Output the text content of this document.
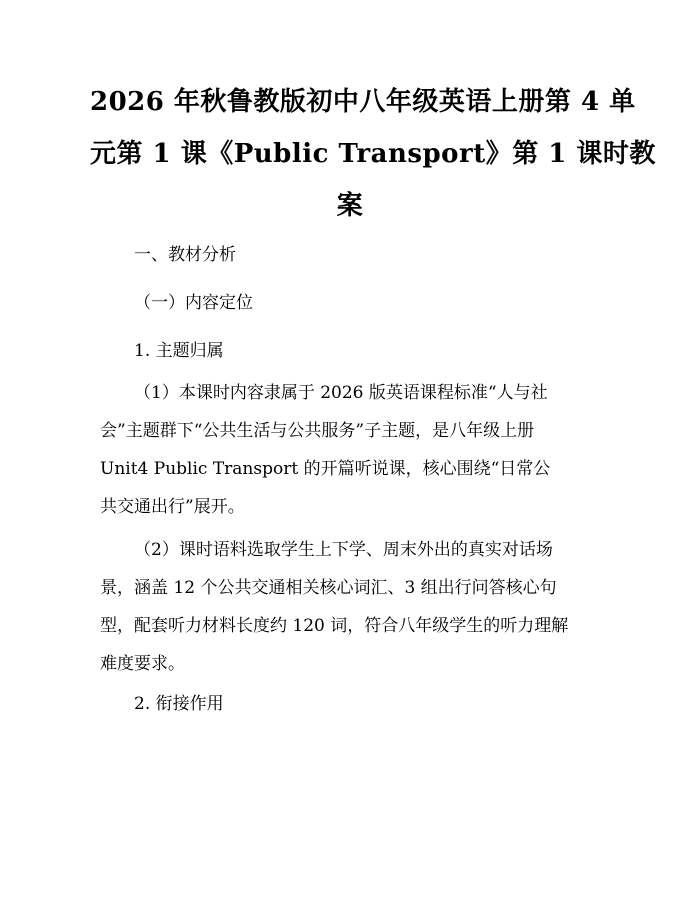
2026 年秋鲁教版初中八年级英语上册第 4 单
元第 1 课《Public Transport》第 1 课时教
案
一、教材分析
（一）内容定位
1. 主题归属
（1）本课时内容隶属于 2026 版英语课程标准“人与社
会”主题群下“公共生活与公共服务”子主题，是八年级上册
Unit4 Public Transport 的开篇听说课，核心围绕“日常公
共交通出行”展开。
（2）课时语料选取学生上下学、周末外出的真实对话场
景，涵盖 12 个公共交通相关核心词汇、3 组出行问答核心句
型，配套听力材料长度约 120 词，符合八年级学生的听力理解
难度要求。
2. 衔接作用
